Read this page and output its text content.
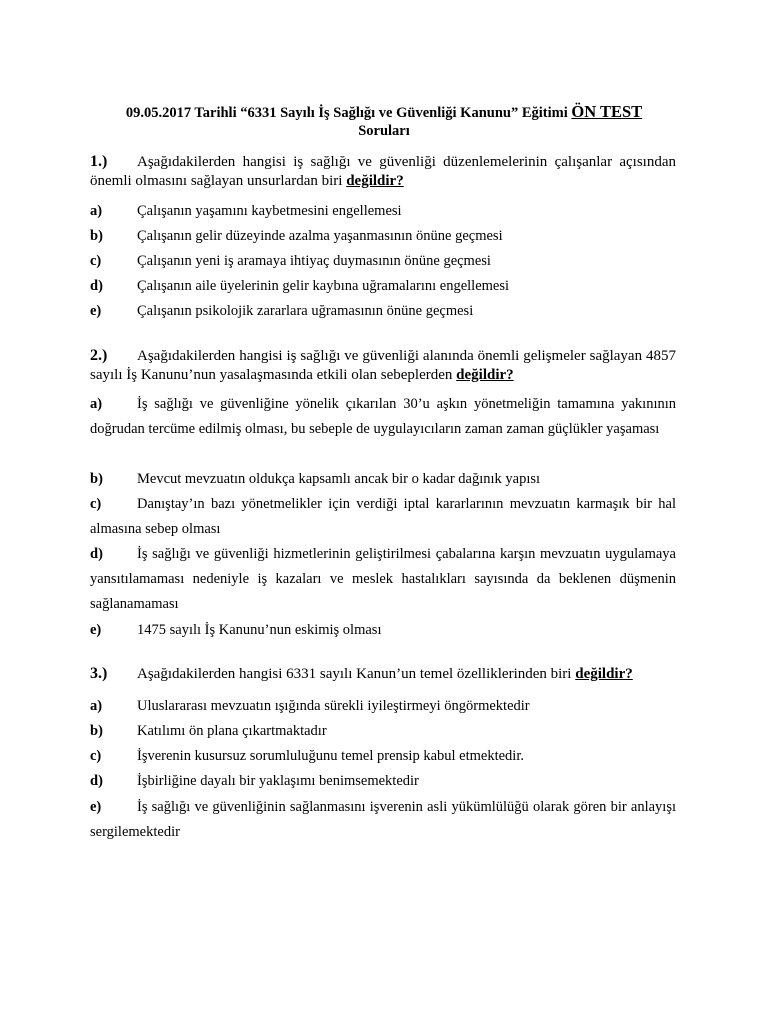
09.05.2017 Tarihli “6331 Sayılı İş Sağlığı ve Güvenliği Kanunu” Eğitimi ÖN TEST
Soruları
1.) Aşağıdakilerden hangisi iş sağlığı ve güvenliği düzenlemelerinin çalışanlar açısından önemli olmasını sağlayan unsurlardan biri değildir?
a)	Çalışanın yaşamını kaybetmesini engellemesi
b)	Çalışanın gelir düzeyinde azalma yaşanmasının önüne geçmesi
c)	Çalışanın yeni iş aramaya ihtiyaç duymasının önüne geçmesi
d)	Çalışanın aile üyelerinin gelir kaybına uğramalarını engellemesi
e)	Çalışanın psikolojik zararlara uğramasının önüne geçmesi
2.) Aşağıdakilerden hangisi iş sağlığı ve güvenliği alanında önemli gelişmeler sağlayan 4857 sayılı İş Kanunu’nun yasalaşmasında etkili olan sebeplerden değildir?
a)	İş sağlığı ve güvenliğine yönelik çıkarılan 30’u aşkın yönetmeliğin tamamına yakınının doğrudan tercüme edilmiş olması, bu sebeple de uygulayıcıların zaman zaman güçlükler yaşaması
b)	Mevcut mevzuatın oldukça kapsamlı ancak bir o kadar dağınık yapısı
c)	Danıştay’ın bazı yönetmelikler için verdiği iptal kararlarının mevzuatın karmaşık bir hal almasına sebep olması
d)	İş sağlığı ve güvenliği hizmetlerinin geliştirilmesi çabalarına karşın mevzuatın uygulamaya yansıtılamaması nedeniyle iş kazaları ve meslek hastalıkları sayısında da beklenen düşmenin sağlanamaması
e)	1475 sayılı İş Kanunu’nun eskimiş olması
3.) Aşağıdakilerden hangisi 6331 sayılı Kanun’un temel özelliklerinden biri değildir?
a)	Uluslararası mevzuatın ışığında sürekli iyileştirmeyi öngörmektedir
b)	Katılımı ön plana çıkartmaktadır
c)	İşverenin kusursuz sorumluluğunu temel prensip kabul etmektedir.
d)	İşbirliğine dayalı bir yaklaşımı benimsemektedir
e)	İş sağlığı ve güvenliğinin sağlanmasını işverenin asli yükümlülüğü olarak gören bir anlayışı sergilemektedir
